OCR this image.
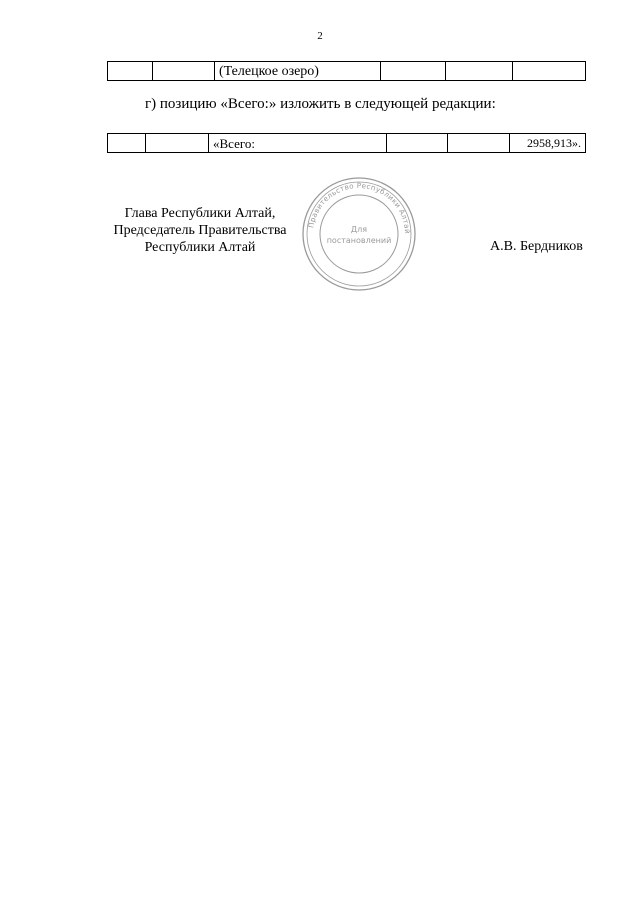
2
		(Телецкое озеро)			
г) позицию «Всего:» изложить в следующей редакции:
		«Всего:			2958,913».
Глава Республики Алтай,
Председатель Правительства
Республики Алтай
Правительство Республики Алтай
Для
постановлений	А.В. Бердников
